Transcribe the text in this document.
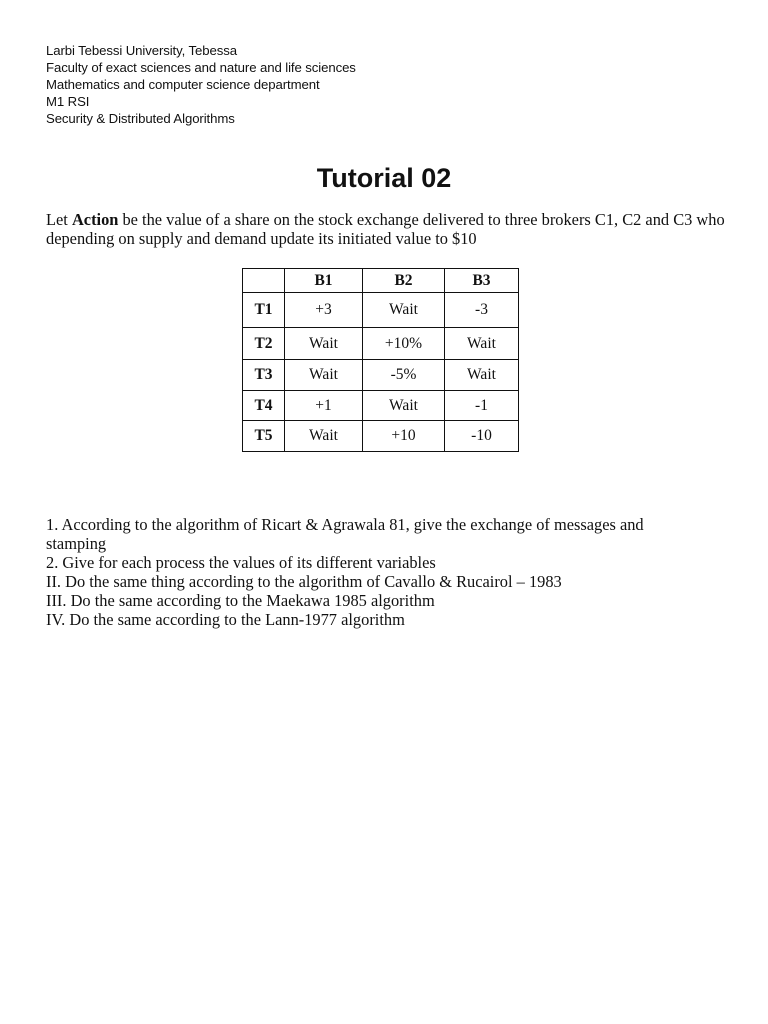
Larbi Tebessi University, Tebessa
Faculty of exact sciences and nature and life sciences
Mathematics and computer science department
M1 RSI
Security & Distributed Algorithms
Tutorial 02
Let Action be the value of a share on the stock exchange delivered to three brokers C1, C2 and C3 who depending on supply and demand update its initiated value to $10
	B1	B2	B3
T1	+3	Wait	-3
T2	Wait	+10%	Wait
T3	Wait	-5%	Wait
T4	+1	Wait	-1
T5	Wait	+10	-10
1. According to the algorithm of Ricart & Agrawala 81, give the exchange of messages and stamping
2. Give for each process the values of its different variables
II. Do the same thing according to the algorithm of Cavallo & Rucairol – 1983
III. Do the same according to the Maekawa 1985 algorithm
IV. Do the same according to the Lann-1977 algorithm
